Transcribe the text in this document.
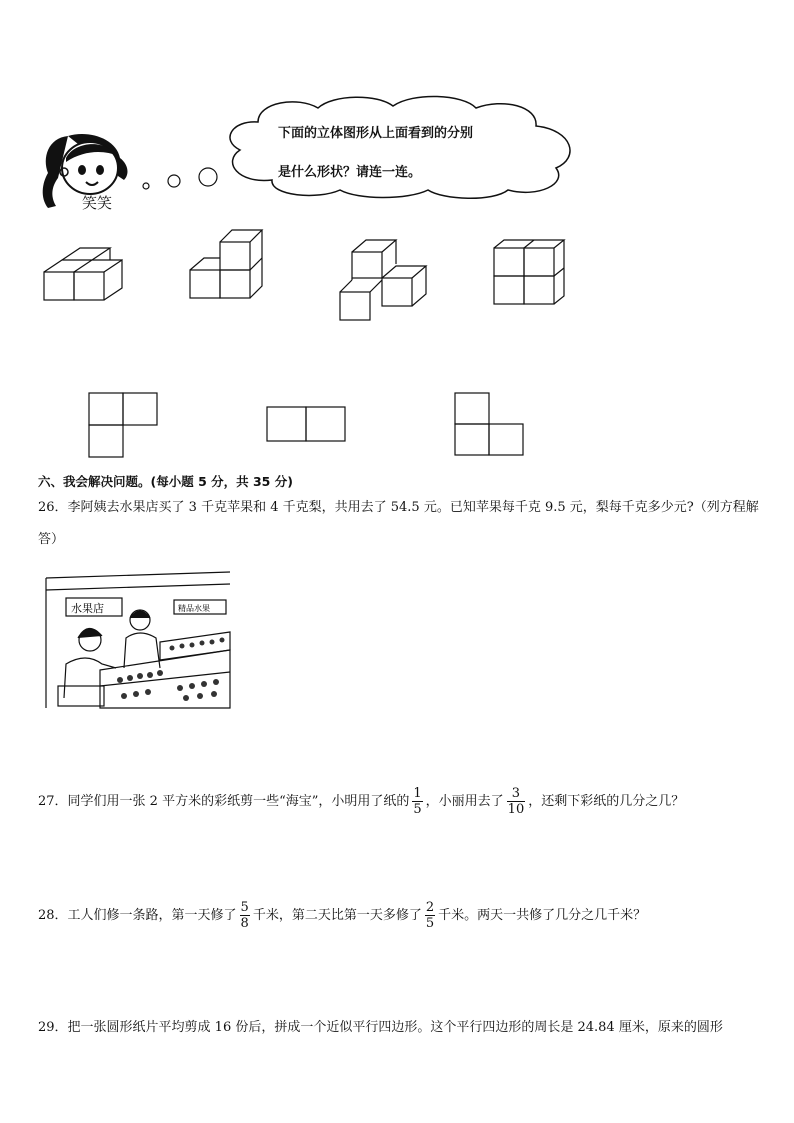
笑笑
下面的立体图形从上面看到的分别
是什么形状？请连一连。
六、我会解决问题。(每小题 5 分，共 35 分)
26．李阿姨去水果店买了 3 千克苹果和 4 千克梨，共用去了 54.5 元。已知苹果每千克 9.5 元，梨每千克多少元?（列方程解答）
水果店	精品水果
27．同学们用一张 2 平方米的彩纸剪一些“海宝”，小明用了纸的 $\frac{1}{5}$ ，小丽用去了 $\frac{3}{10}$ ，还剩下彩纸的几分之几？
28．工人们修一条路，第一天修了 $\frac{5}{8}$ 千米，第二天比第一天多修了 $\frac{2}{5}$ 千米。两天一共修了几分之几千米？
29．把一张圆形纸片平均剪成 16 份后，拼成一个近似平行四边形。这个平行四边形的周长是 24.84 厘米，原来的圆形
